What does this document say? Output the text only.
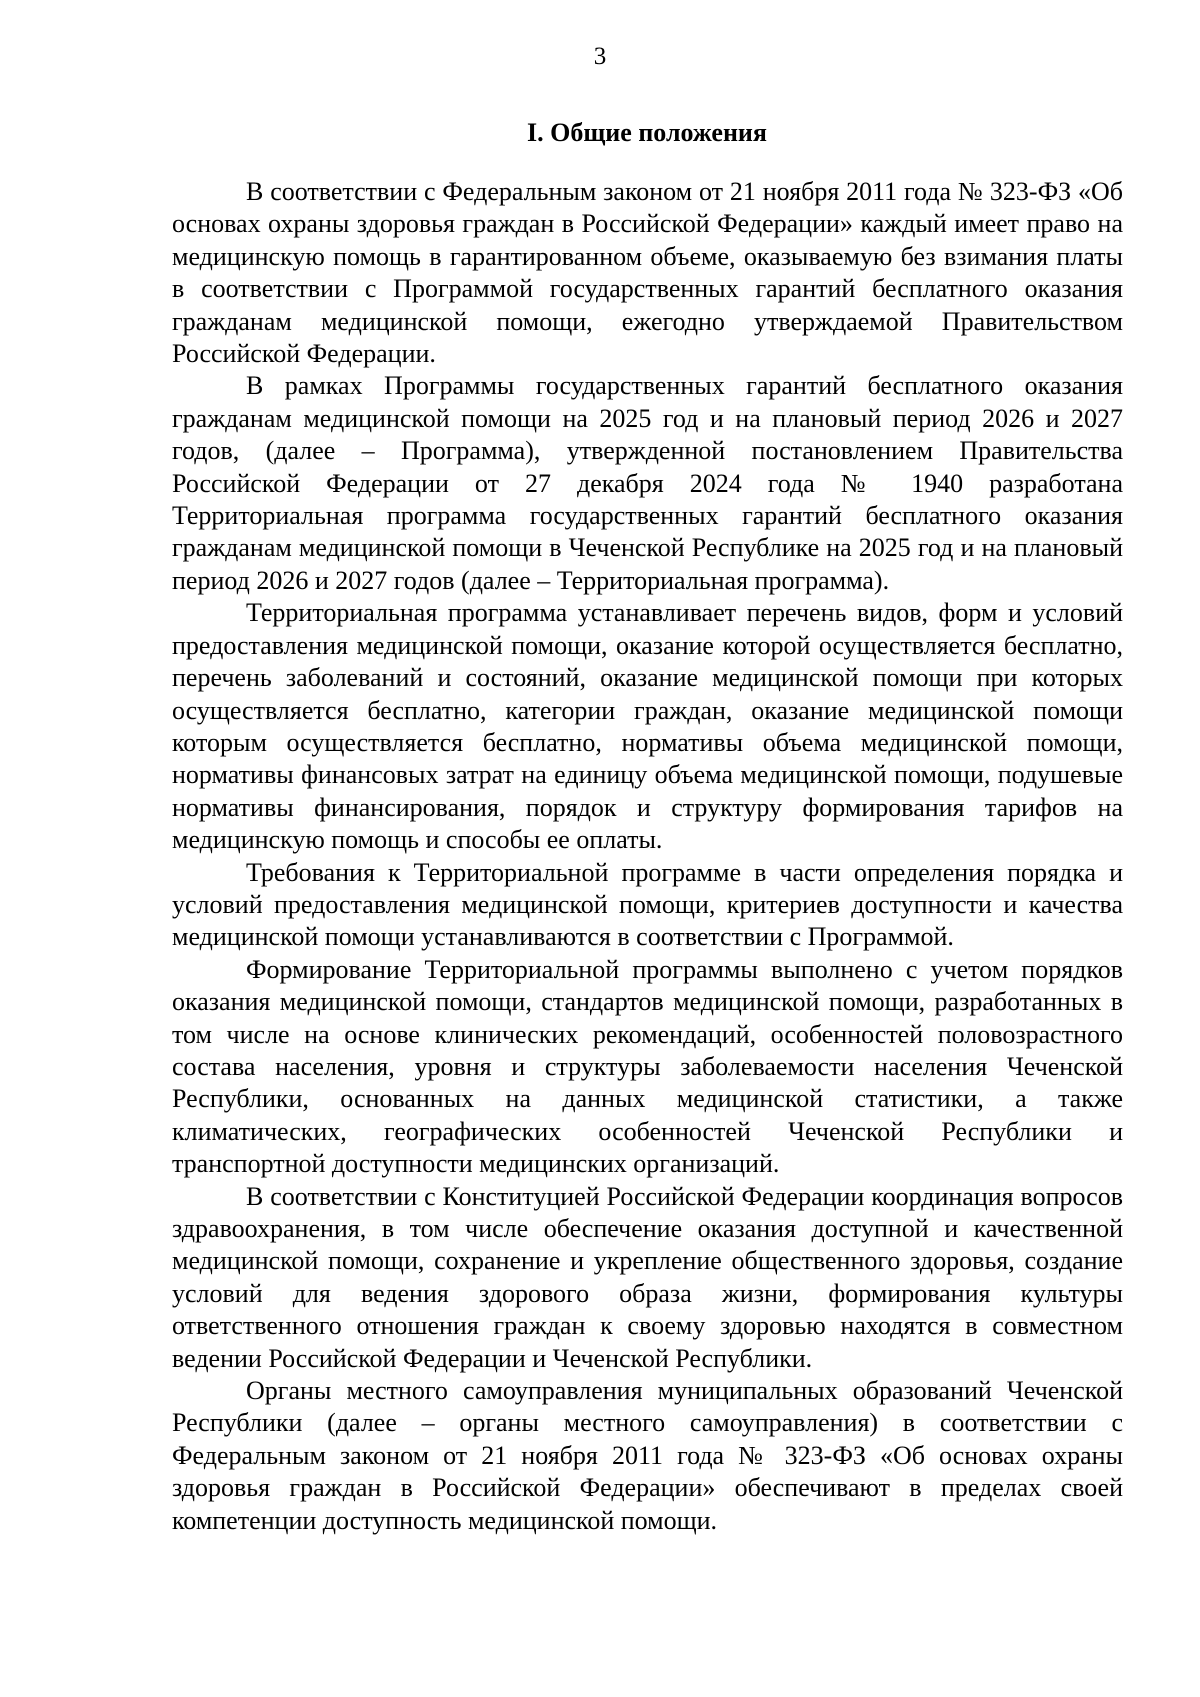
3
I. Общие положения

В соответствии с Федеральным законом от 21 ноября 2011 года № 323-ФЗ «Об основах охраны здоровья граждан в Российской Федерации» каждый имеет право на медицинскую помощь в гарантированном объеме, оказываемую без взимания платы в соответствии с Программой государственных гарантий бесплатного оказания гражданам медицинской помощи, ежегодно утверждаемой Правительством Российской Федерации.

В рамках Программы государственных гарантий бесплатного оказания гражданам медицинской помощи на 2025 год и на плановый период 2026 и 2027 годов, (далее – Программа), утвержденной постановлением Правительства Российской Федерации от 27 декабря 2024 года № 1940 разработана Территориальная программа государственных гарантий бесплатного оказания гражданам медицинской помощи в Чеченской Республике на 2025 год и на плановый период 2026 и 2027 годов (далее – Территориальная программа).

Территориальная программа устанавливает перечень видов, форм и условий предоставления медицинской помощи, оказание которой осуществляется бесплатно, перечень заболеваний и состояний, оказание медицинской помощи при которых осуществляется бесплатно, категории граждан, оказание медицинской помощи которым осуществляется бесплатно, нормативы объема медицинской помощи, нормативы финансовых затрат на единицу объема медицинской помощи, подушевые нормативы финансирования, порядок и структуру формирования тарифов на медицинскую помощь и способы ее оплаты.

Требования к Территориальной программе в части определения порядка и условий предоставления медицинской помощи, критериев доступности и качества медицинской помощи устанавливаются в соответствии с Программой.

Формирование Территориальной программы выполнено с учетом порядков оказания медицинской помощи, стандартов медицинской помощи, разработанных в том числе на основе клинических рекомендаций, особенностей половозрастного состава населения, уровня и структуры заболеваемости населения Чеченской Республики, основанных на данных медицинской статистики, а также климатических, географических особенностей Чеченской Республики и транспортной доступности медицинских организаций.

В соответствии с Конституцией Российской Федерации координация вопросов здравоохранения, в том числе обеспечение оказания доступной и качественной медицинской помощи, сохранение и укрепление общественного здоровья, создание условий для ведения здорового образа жизни, формирования культуры ответственного отношения граждан к своему здоровью находятся в совместном ведении Российской Федерации и Чеченской Республики.

Органы местного самоуправления муниципальных образований Чеченской Республики (далее – органы местного самоуправления) в соответствии с Федеральным законом от 21 ноября 2011 года № 323-ФЗ «Об основах охраны здоровья граждан в Российской Федерации» обеспечивают в пределах своей компетенции доступность медицинской помощи.
